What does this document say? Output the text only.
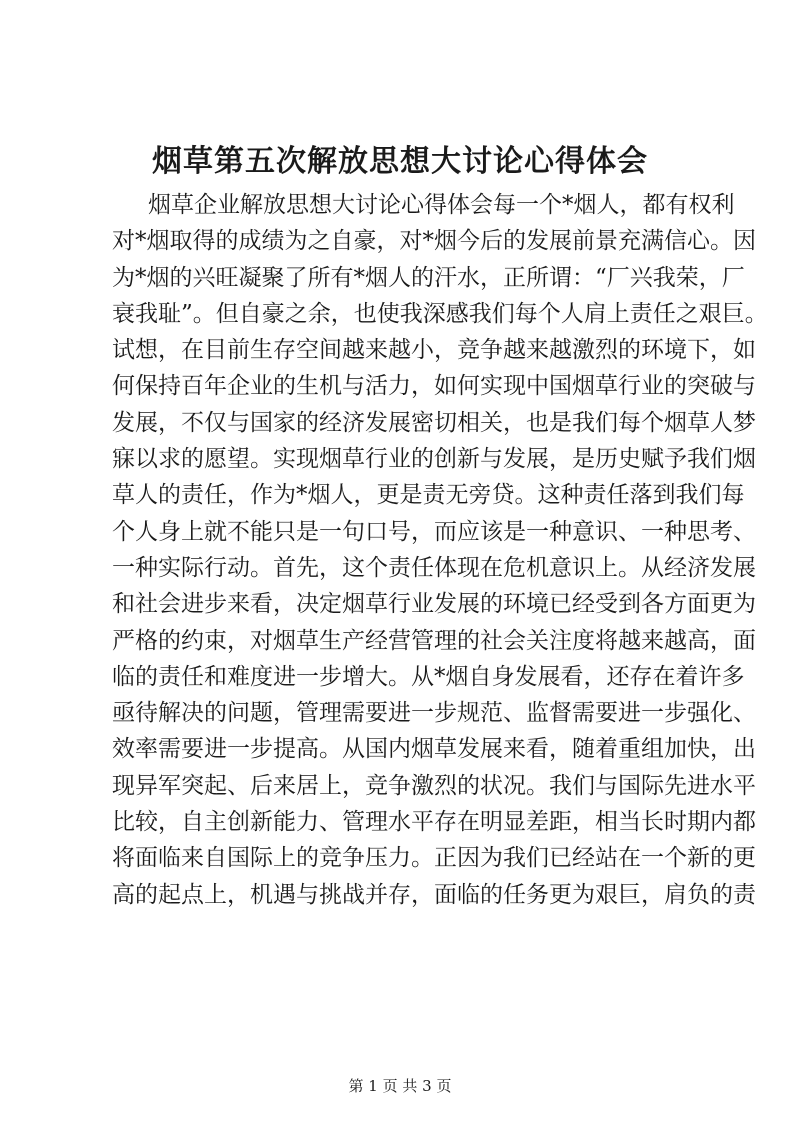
烟草第五次解放思想大讨论心得体会
烟草企业解放思想大讨论心得体会每一个*烟人，都有权利
对*烟取得的成绩为之自豪，对*烟今后的发展前景充满信心。因
为*烟的兴旺凝聚了所有*烟人的汗水，正所谓：“厂兴我荣，厂
衰我耻”。但自豪之余，也使我深感我们每个人肩上责任之艰巨。
试想，在目前生存空间越来越小，竞争越来越激烈的环境下，如
何保持百年企业的生机与活力，如何实现中国烟草行业的突破与
发展，不仅与国家的经济发展密切相关，也是我们每个烟草人梦
寐以求的愿望。实现烟草行业的创新与发展，是历史赋予我们烟
草人的责任，作为*烟人，更是责无旁贷。这种责任落到我们每
个人身上就不能只是一句口号，而应该是一种意识、一种思考、
一种实际行动。首先，这个责任体现在危机意识上。从经济发展
和社会进步来看，决定烟草行业发展的环境已经受到各方面更为
严格的约束，对烟草生产经营管理的社会关注度将越来越高，面
临的责任和难度进一步增大。从*烟自身发展看，还存在着许多
亟待解决的问题，管理需要进一步规范、监督需要进一步强化、
效率需要进一步提高。从国内烟草发展来看，随着重组加快，出
现异军突起、后来居上，竞争激烈的状况。我们与国际先进水平
比较，自主创新能力、管理水平存在明显差距，相当长时期内都
将面临来自国际上的竞争压力。正因为我们已经站在一个新的更
高的起点上，机遇与挑战并存，面临的任务更为艰巨，肩负的责
第 1 页 共 3 页
